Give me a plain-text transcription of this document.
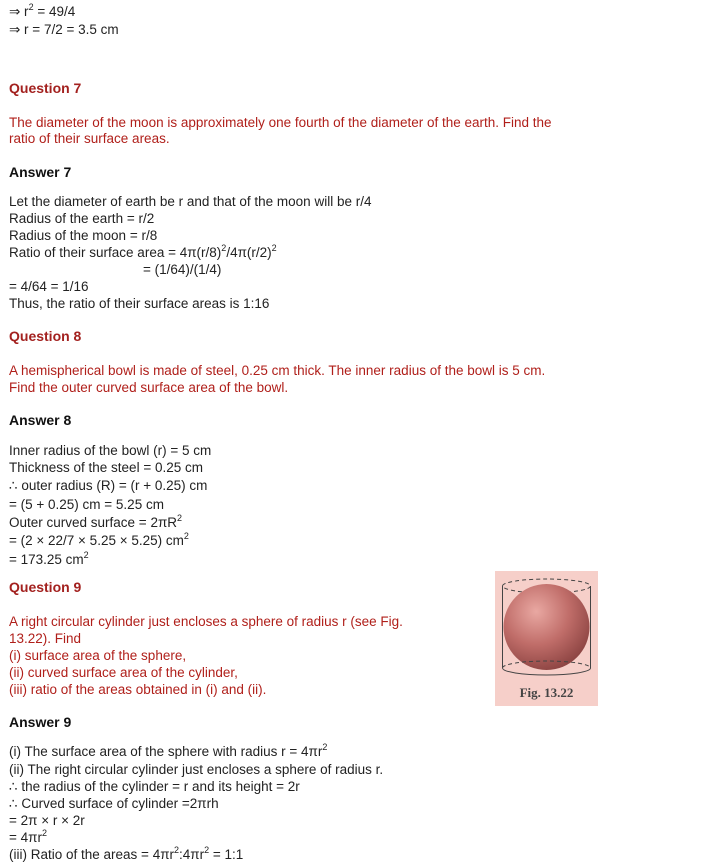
⇒ $r^2 = 49/4$
⇒ r = 7/2 = 3.5 cm
Question 7
The diameter of the moon is approximately one fourth of the diameter of the earth. Find the
ratio of their surface areas.
Answer 7
Let the diameter of earth be r and that of the moon will be r/4
Radius of the earth = r/2
Radius of the moon = r/8
Ratio of their surface area = $4\pi(r/8)^2/4\pi(r/2)^2$
= (1/64)/(1/4)
= 4/64 = 1/16
Thus, the ratio of their surface areas is 1:16
Question 8
A hemispherical bowl is made of steel, 0.25 cm thick. The inner radius of the bowl is 5 cm.
Find the outer curved surface area of the bowl.
Answer 8
Inner radius of the bowl (r) = 5 cm
Thickness of the steel = 0.25 cm
∴ outer radius (R) = (r + 0.25) cm
= (5 + 0.25) cm = 5.25 cm
Outer curved surface = $2\pi R^2$
= (2 × 22/7 × 5.25 × 5.25) $cm^2$
= 173.25 $cm^2$
Question 9
A right circular cylinder just encloses a sphere of radius r (see Fig.
13.22). Find
(i) surface area of the sphere,
(ii) curved surface area of the cylinder,
(iii) ratio of the areas obtained in (i) and (ii).	Fig. 13.22
Answer 9
(i) The surface area of the sphere with radius $r = 4\pi r^2$
(ii) The right circular cylinder just encloses a sphere of radius r.
∴ the radius of the cylinder = r and its height = 2r
∴ Curved surface of cylinder =2πrh
= 2π × r × 2r
= $4\pi r^2$
(iii) Ratio of the areas = $4\pi r^2:4\pi r^2$ = 1:1
